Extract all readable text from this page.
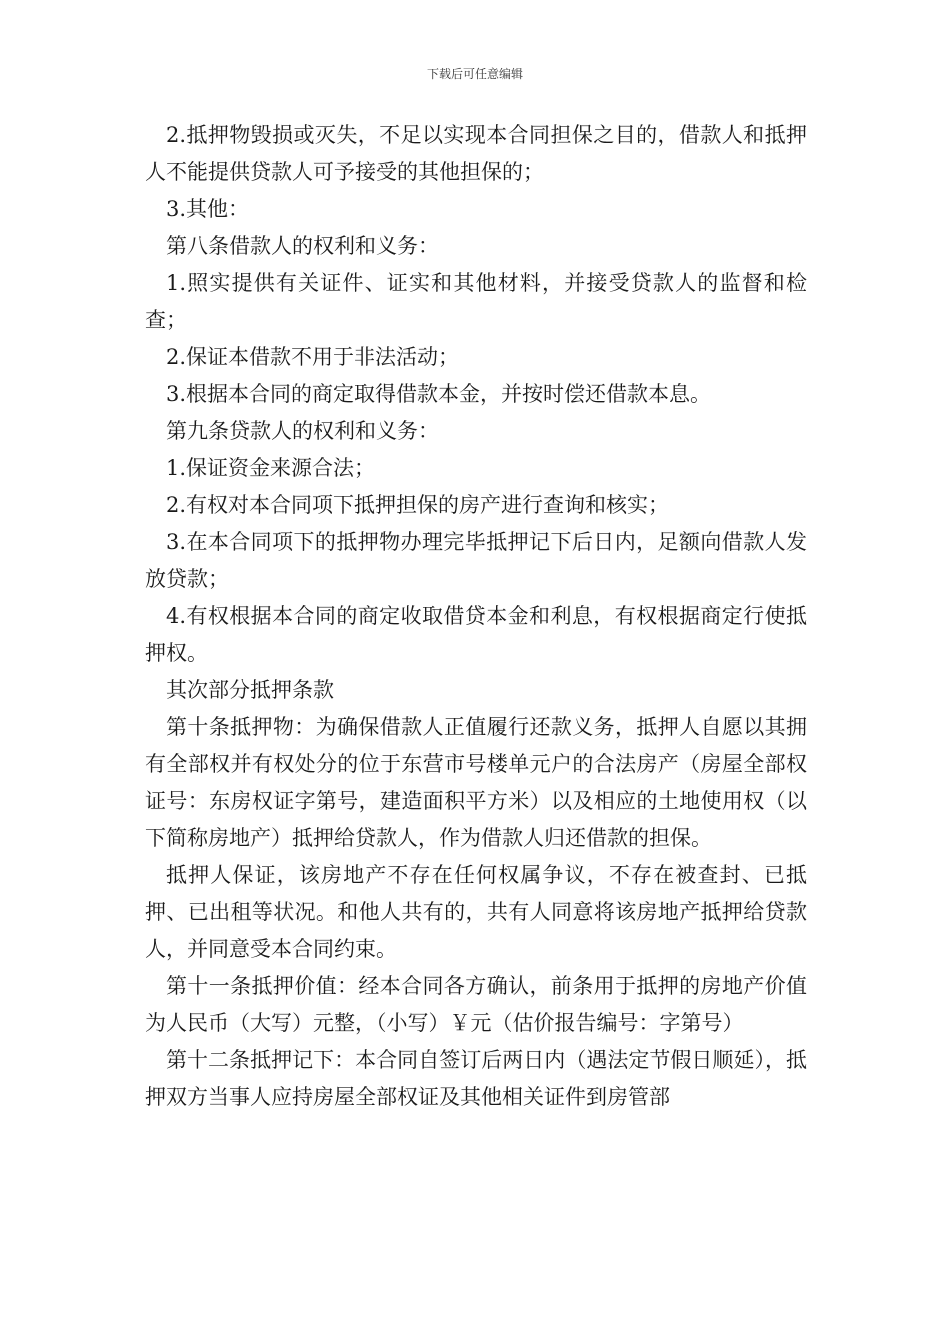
下载后可任意编辑

2.抵押物毁损或灭失，不足以实现本合同担保之目的，借款人和抵押人不能提供贷款人可予接受的其他担保的；

3.其他：

第八条借款人的权利和义务：

1.照实提供有关证件、证实和其他材料，并接受贷款人的监督和检查；

2.保证本借款不用于非法活动；

3.根据本合同的商定取得借款本金，并按时偿还借款本息。

第九条贷款人的权利和义务：

1.保证资金来源合法；

2.有权对本合同项下抵押担保的房产进行查询和核实；

3.在本合同项下的抵押物办理完毕抵押记下后日内，足额向借款人发放贷款；

4.有权根据本合同的商定收取借贷本金和利息，有权根据商定行使抵押权。

其次部分抵押条款

第十条抵押物：为确保借款人正值履行还款义务，抵押人自愿以其拥有全部权并有权处分的位于东营市号楼单元户的合法房产（房屋全部权证号：东房权证字第号，建造面积平方米）以及相应的土地使用权（以下简称房地产）抵押给贷款人，作为借款人归还借款的担保。

抵押人保证，该房地产不存在任何权属争议，不存在被查封、已抵押、已出租等状况。和他人共有的，共有人同意将该房地产抵押给贷款人，并同意受本合同约束。

第十一条抵押价值：经本合同各方确认，前条用于抵押的房地产价值为人民币（大写）元整，（小写）￥元（估价报告编号：字第号）

第十二条抵押记下：本合同自签订后两日内（遇法定节假日顺延），抵押双方当事人应持房屋全部权证及其他相关证件到房管部
